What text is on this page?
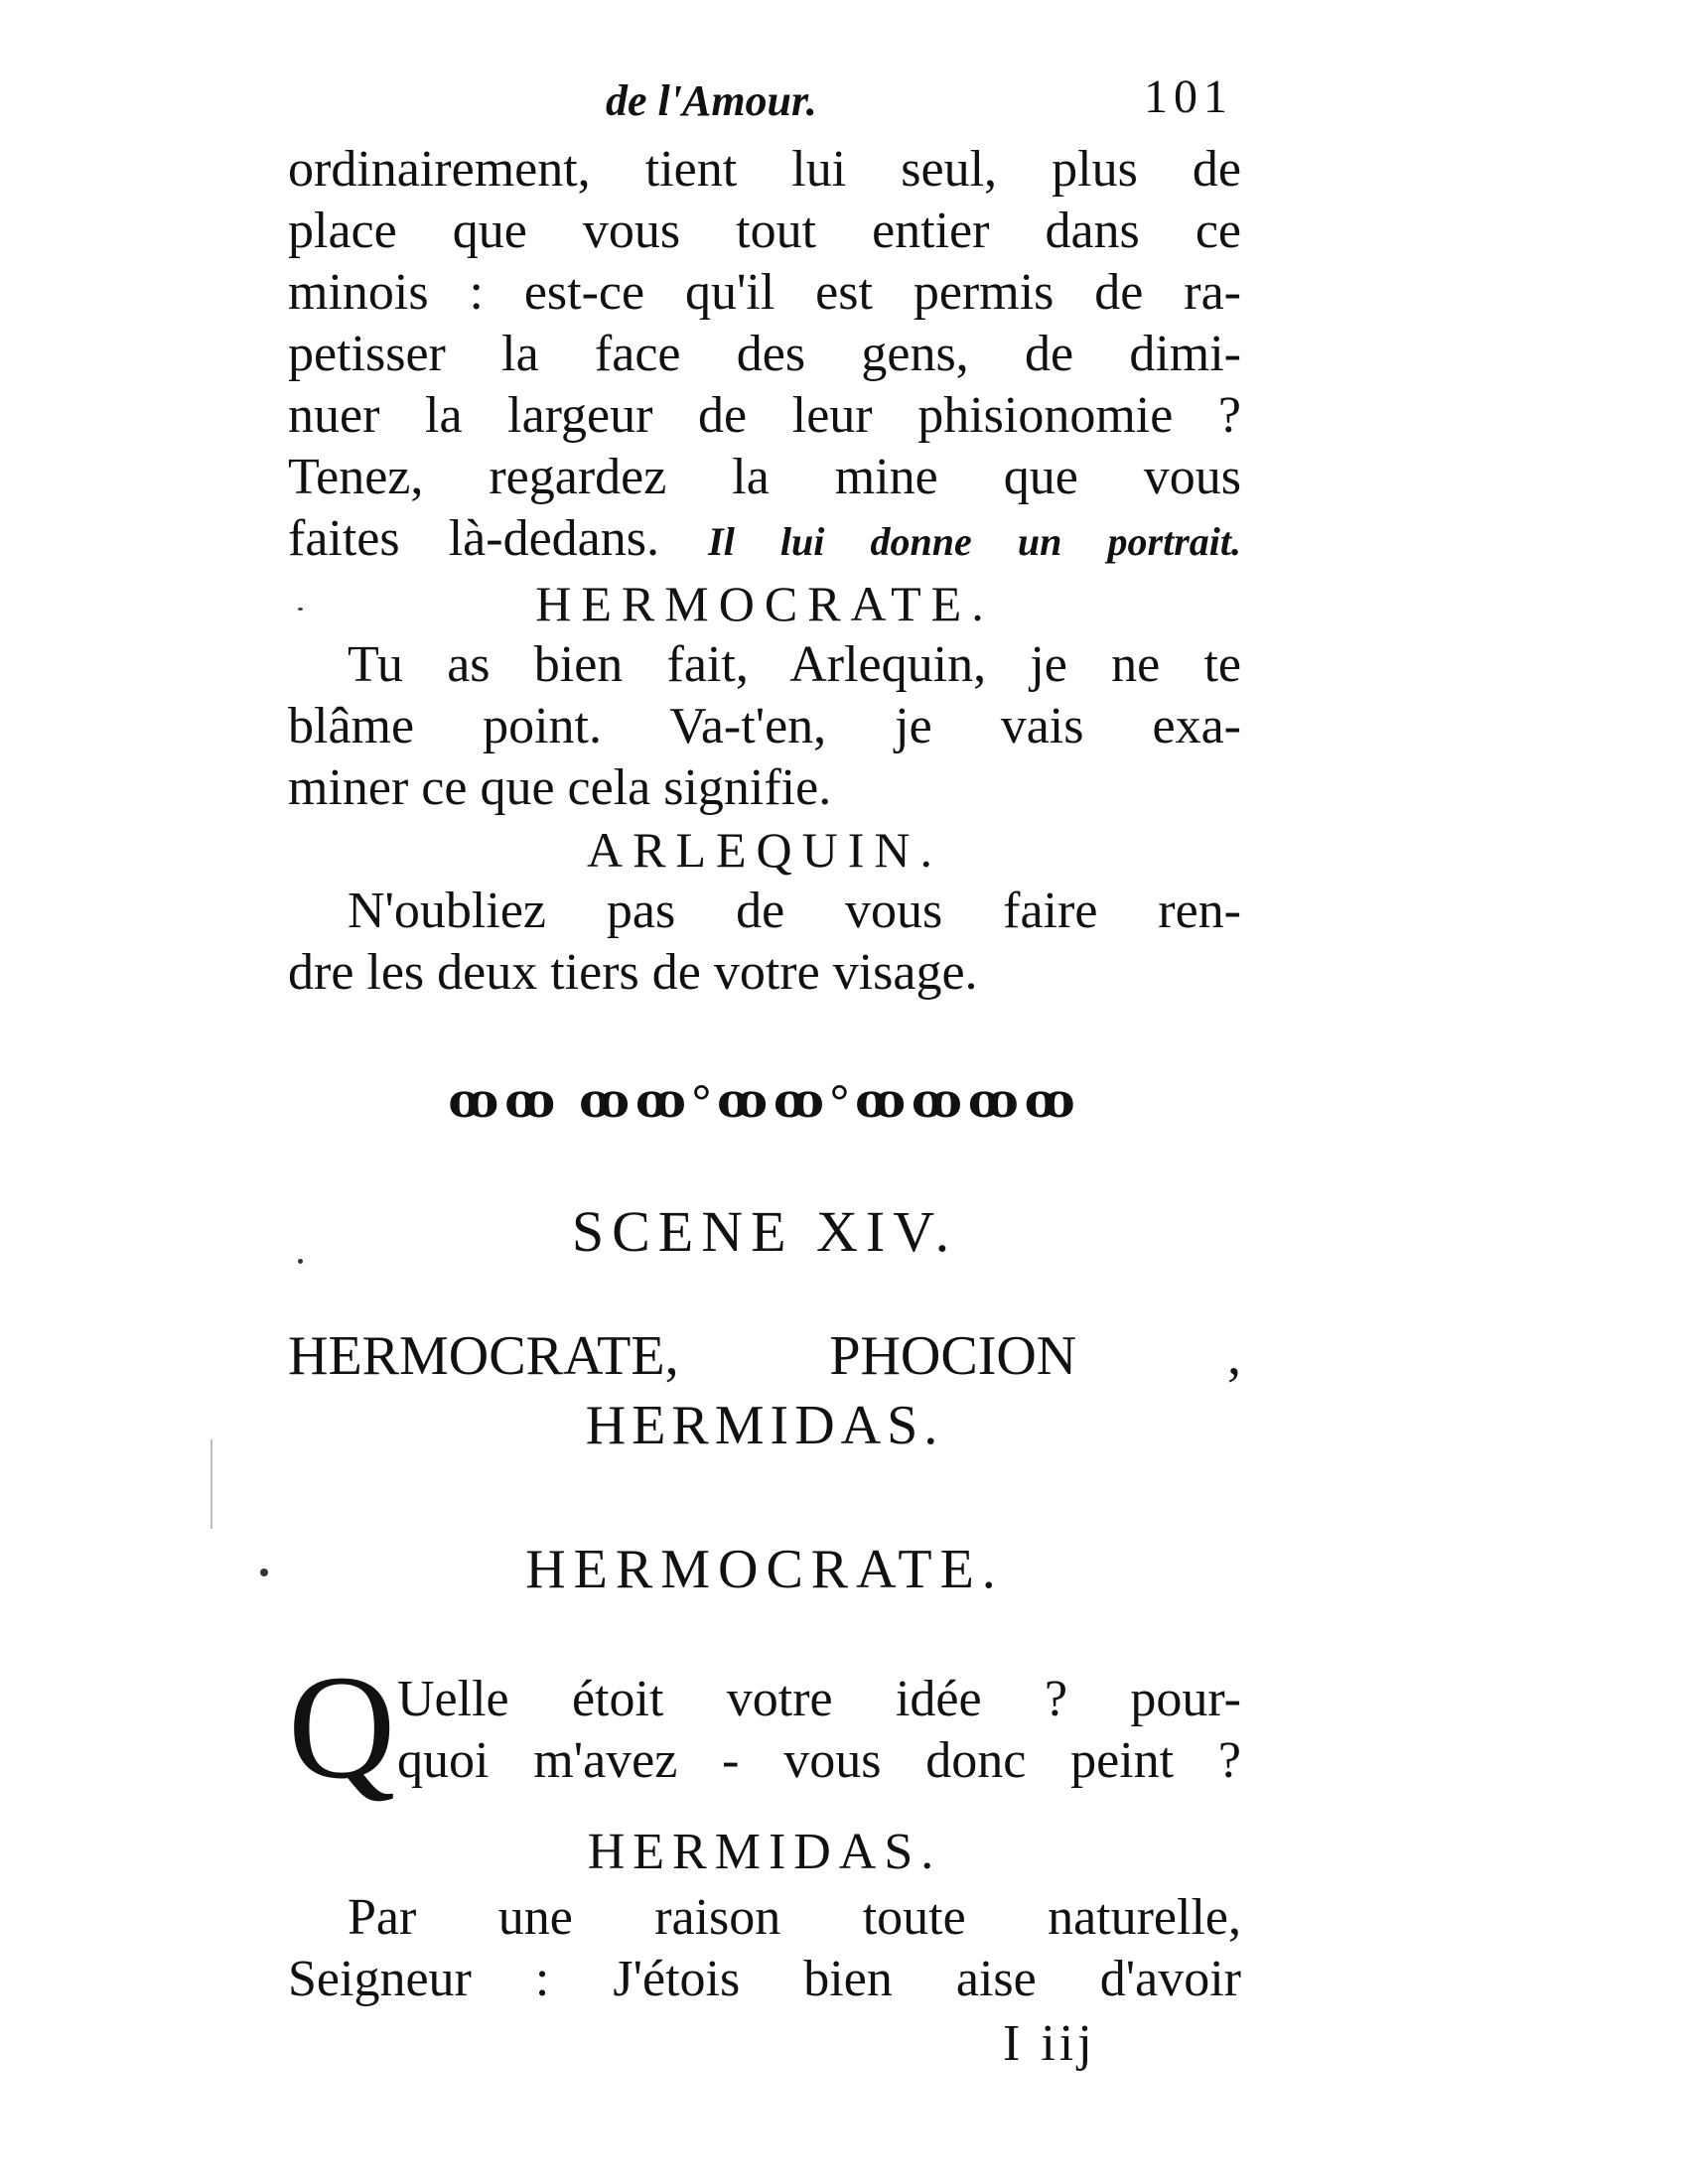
de l'Amour.	101
ordinairement, tient lui seul, plus de
place que vous tout entier dans ce
minois : est-ce qu'il est permis de ra-
petisser la face des gens, de dimi-
nuer la largeur de leur phisionomie ?
Tenez, regardez la mine que vous
faites là-dedans. Il lui donne un portrait.
HERMOCRATE.
Tu as bien fait, Arlequin, je ne te
blâme point. Va-t'en, je vais exa-
miner ce que cela signifie.
ARLEQUIN.
N'oubliez pas de vous faire ren-
dre les deux tiers de votre visage.
ꝏꝏ ꝏꝏ°ꝏꝏ°ꝏꝏꝏꝏ
SCENE XIV.
HERMOCRATE, PHOCION ,
HERMIDAS.
HERMOCRATE.
Q Uelle étoit votre idée ? pour-
quoi m'avez - vous donc peint ?
HERMIDAS.
Par une raison toute naturelle,
Seigneur : J'étois bien aise d'avoir
I iij
